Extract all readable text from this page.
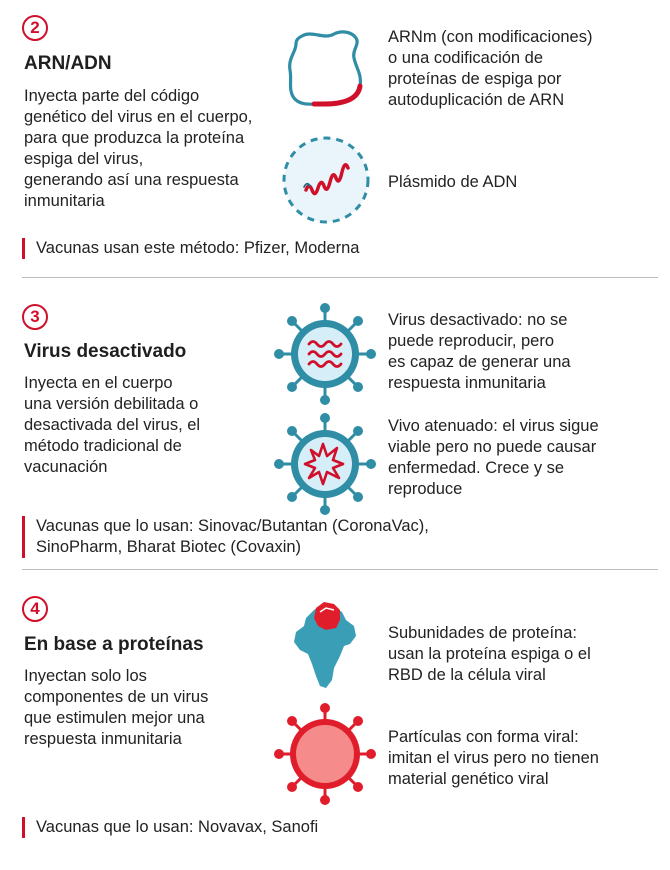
2
ARN/ADN
Inyecta parte del código
genético del virus en el cuerpo,
para que produzca la proteína
espiga del virus,
generando así una respuesta
inmunitaria
ARNm (con modificaciones)
o una codificación de
proteínas de espiga por
autoduplicación de ARN
Plásmido de ADN
Vacunas usan este método: Pfizer, Moderna
3
Virus desactivado
Inyecta en el cuerpo
una versión debilitada o
desactivada del virus, el
método tradicional de
vacunación
Virus desactivado: no se
puede reproducir, pero
es capaz de generar una
respuesta inmunitaria
Vivo atenuado: el virus sigue
viable pero no puede causar
enfermedad. Crece y se
reproduce
Vacunas que lo usan: Sinovac/Butantan (CoronaVac),
SinoPharm, Bharat Biotec (Covaxin)
4
En base a proteínas
Inyectan solo los
componentes de un virus
que estimulen mejor una
respuesta inmunitaria
Subunidades de proteína:
usan la proteína espiga o el
RBD de la célula viral
Partículas con forma viral:
imitan el virus pero no tienen
material genético viral
Vacunas que lo usan: Novavax, Sanofi
